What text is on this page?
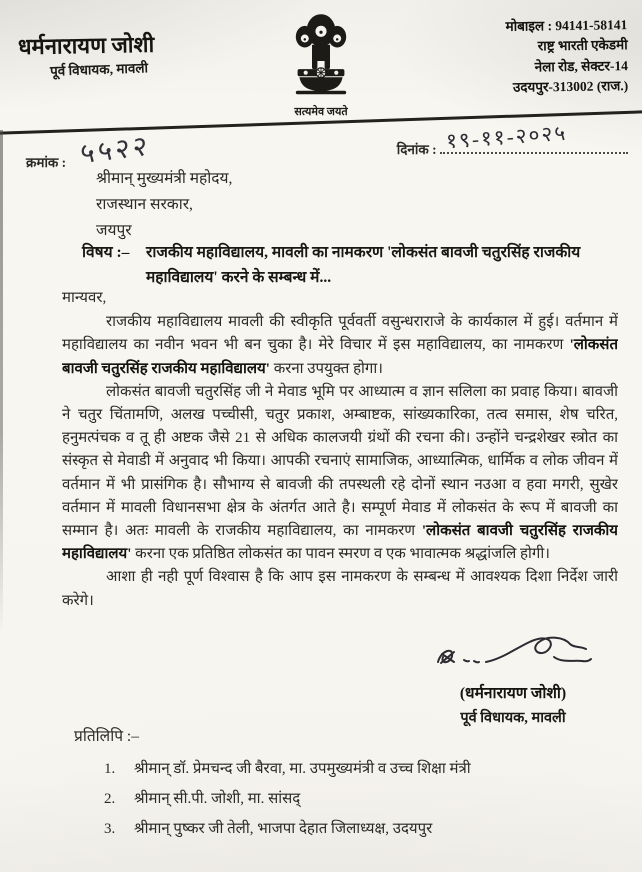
धर्मनारायण जोशी
पूर्व विधायक, मावली
सत्यमेव जयते
मोबाइल : 94141-58141
राष्ट्र भारती एकेडमी
नेला रोड, सेक्टर-14
उदयपुर-313002 (राज.)
क्रमांक : ५५२२	दिनांक : १९-११-२०२५
श्रीमान् मुख्यमंत्री महोदय,
राजस्थान सरकार,
जयपुर
विषय :–	राजकीय महाविद्यालय, मावली का नामकरण 'लोकसंत बावजी चतुरसिंह राजकीय महाविद्यालय' करने के सम्बन्ध में...

मान्यवर,

राजकीय महाविद्यालय मावली की स्वीकृति पूर्ववर्ती वसुन्धराराजे के कार्यकाल में हुई। वर्तमान में महाविद्यालय का नवीन भवन भी बन चुका है। मेरे विचार में इस महाविद्यालय, का नामकरण 'लोकसंत बावजी चतुरसिंह राजकीय महाविद्यालय' करना उपयुक्त होगा।

लोकसंत बावजी चतुरसिंह जी ने मेवाड भूमि पर आध्यात्म व ज्ञान सलिला का प्रवाह किया। बावजी ने चतुर चिंतामणि, अलख पच्चीसी, चतुर प्रकाश, अम्बाष्टक, सांख्यकारिका, तत्व समास, शेष चरित, हनुमत्पंचक व तू ही अष्टक जैसे 21 से अधिक कालजयी ग्रंथों की रचना की। उन्होंने चन्द्रशेखर स्त्रोत का संस्कृत से मेवाडी में अनुवाद भी किया। आपकी रचनाएं सामाजिक, आध्यात्मिक, धार्मिक व लोक जीवन में वर्तमान में भी प्रासंगिक है। सौभाग्य से बावजी की तपस्थली रहे दोनों स्थान नउआ व हवा मगरी, सुखेर वर्तमान में मावली विधानसभा क्षेत्र के अंतर्गत आते है। सम्पूर्ण मेवाड में लोकसंत के रूप में बावजी का सम्मान है। अतः मावली के राजकीय महाविद्यालय, का नामकरण 'लोकसंत बावजी चतुरसिंह राजकीय महाविद्यालय' करना एक प्रतिष्ठित लोकसंत का पावन स्मरण व एक भावात्मक श्रद्धांजलि होगी।

आशा ही नही पूर्ण विश्वास है कि आप इस नामकरण के सम्बन्ध में आवश्यक दिशा निर्देश जारी करेगे।

(धर्मनारायण जोशी)
पूर्व विधायक, मावली
प्रतिलिपि :–
1.	श्रीमान् डॉ. प्रेमचन्द जी बैरवा, मा. उपमुख्यमंत्री व उच्च शिक्षा मंत्री
2.	श्रीमान् सी.पी. जोशी, मा. सांसद्
3.	श्रीमान् पुष्कर जी तेली, भाजपा देहात जिलाध्यक्ष, उदयपुर
